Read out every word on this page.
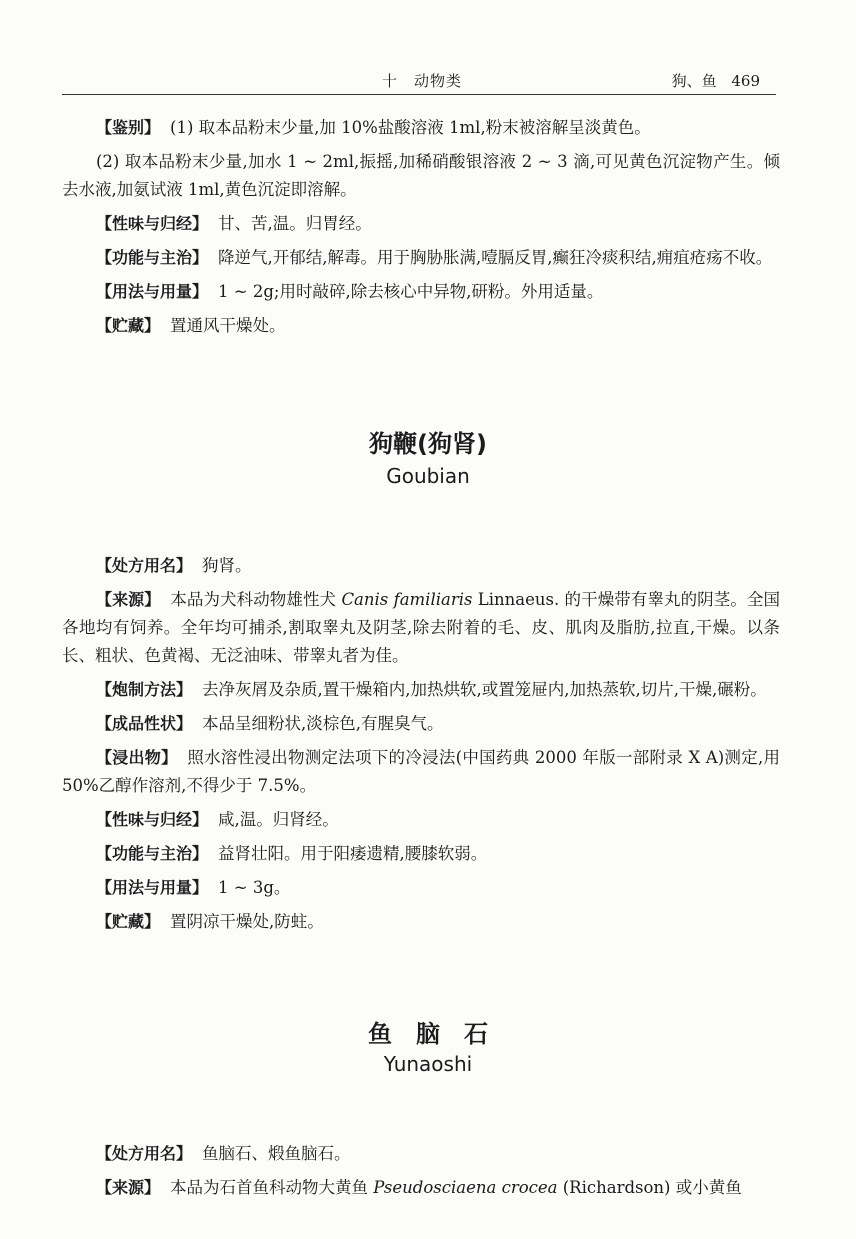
十　动物类	狗、鱼 469

【鉴别】 (1) 取本品粉末少量,加 10%盐酸溶液 1ml,粉末被溶解呈淡黄色。

(2) 取本品粉末少量,加水 1 ~ 2ml,振摇,加稀硝酸银溶液 2 ~ 3 滴,可见黄色沉淀物产生。倾去水液,加氨试液 1ml,黄色沉淀即溶解。

【性味与归经】 甘、苦,温。归胃经。

【功能与主治】 降逆气,开郁结,解毒。用于胸胁胀满,噎膈反胃,癫狂冷痰积结,痈疽疮疡不收。

【用法与用量】 1 ~ 2g;用时敲碎,除去核心中异物,研粉。外用适量。

【贮藏】 置通风干燥处。

狗鞭(狗肾)
Goubian

【处方用名】 狗肾。

【来源】 本品为犬科动物雄性犬 Canis familiaris Linnaeus. 的干燥带有睾丸的阴茎。全国各地均有饲养。全年均可捕杀,割取睾丸及阴茎,除去附着的毛、皮、肌肉及脂肪,拉直,干燥。以条长、粗状、色黄褐、无泛油味、带睾丸者为佳。

【炮制方法】 去净灰屑及杂质,置干燥箱内,加热烘软,或置笼屉内,加热蒸软,切片,干燥,碾粉。

【成品性状】 本品呈细粉状,淡棕色,有腥臭气。

【浸出物】 照水溶性浸出物测定法项下的冷浸法(中国药典 2000 年版一部附录 X A)测定,用 50%乙醇作溶剂,不得少于 7.5%。

【性味与归经】 咸,温。归肾经。

【功能与主治】 益肾壮阳。用于阳痿遗精,腰膝软弱。

【用法与用量】 1 ~ 3g。

【贮藏】 置阴凉干燥处,防蛀。

鱼脑石
Yunaoshi

【处方用名】 鱼脑石、煅鱼脑石。

【来源】 本品为石首鱼科动物大黄鱼 Pseudosciaena crocea (Richardson) 或小黄鱼
